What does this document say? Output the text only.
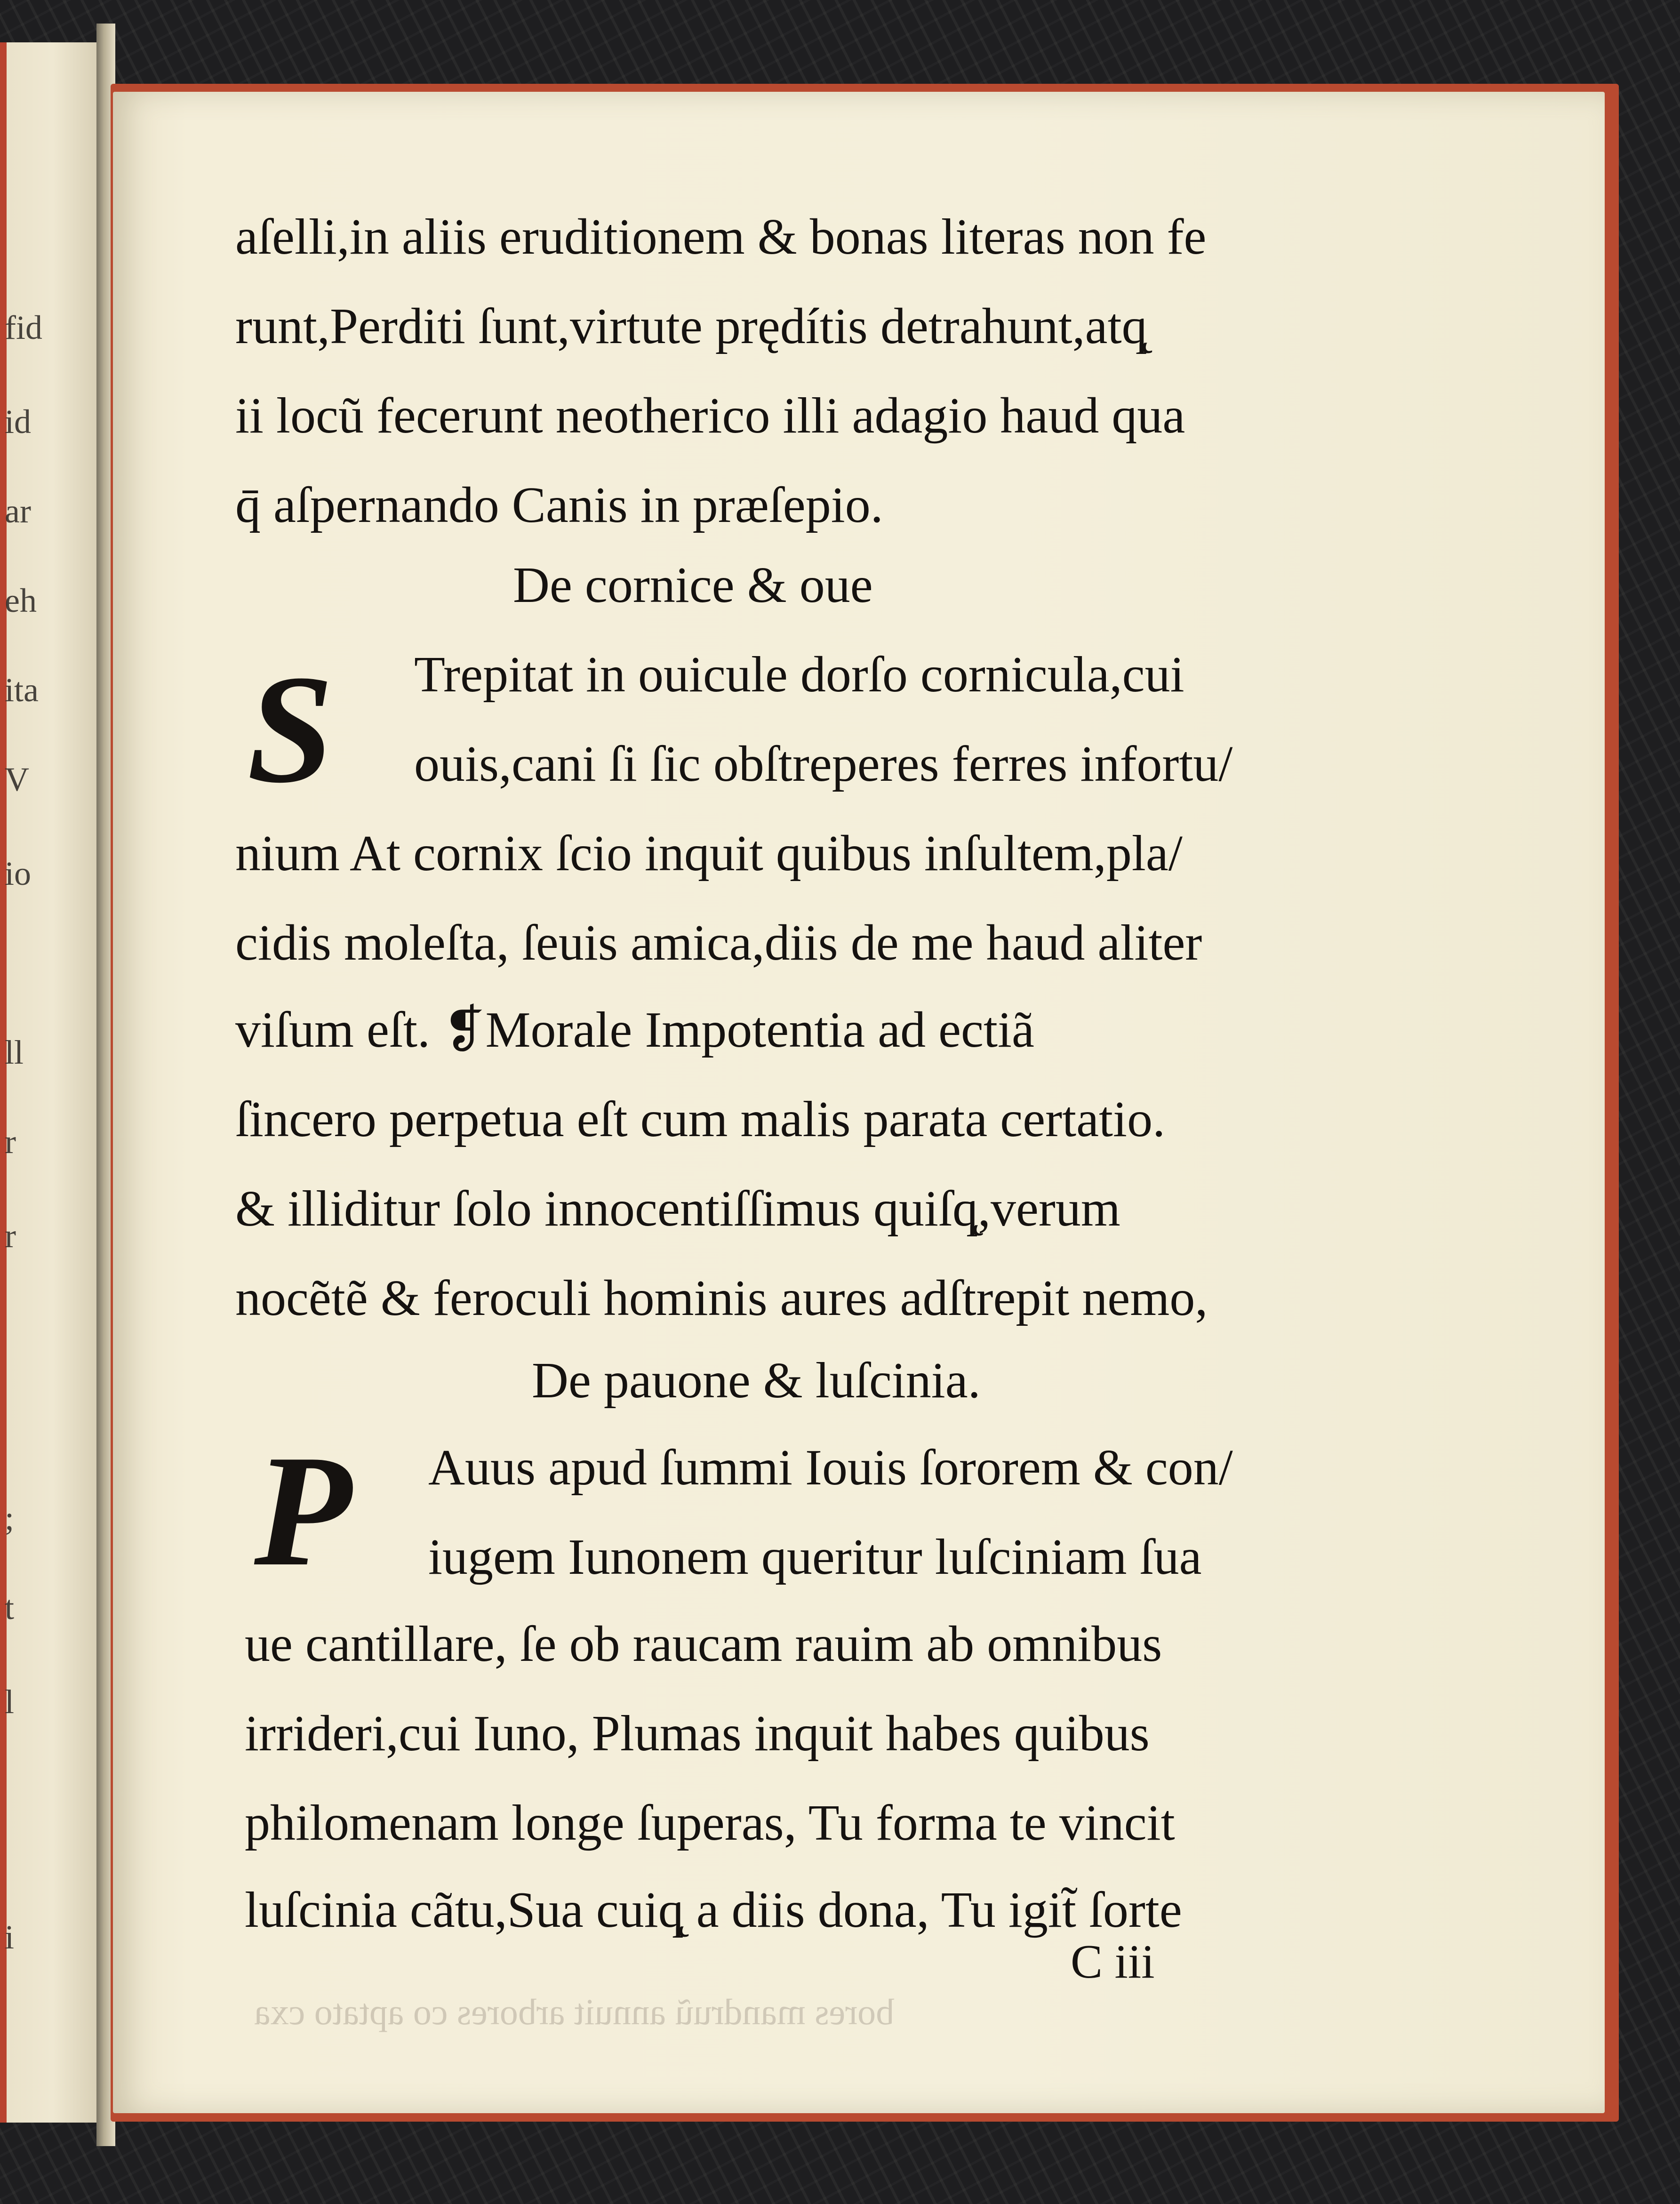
fid
id
ar
eh
ita
V
io
ll
r
r
;
t
l
i
bores mandruũ annuit arbores co aptato cxa
aſelli,in aliis eruditionem & bonas literas non fe
runt,Perditi ſunt,virtute prędítis detrahunt,atq̨
ii locũ fecerunt neotherico illi adagio haud qua
q̄ aſpernando Canis in præſepio.
De cornice & oue
S Trepitat in ouicule dorſo cornicula,cui
ouis,cani ſi ſic obſtreperes ferres infortu/
nium At cornix ſcio inquit quibus inſultem,pla/
cidis moleſta, ſeuis amica,diis de me haud aliter
viſum eſt. ❡Morale Impotentia ad ectiã
ſincero perpetua eſt cum malis parata certatio.
& illiditur ſolo innocentiſſimus quiſq̨,verum
nocẽtẽ & feroculi hominis aures adſtrepit nemo,
De pauone & luſcinia.
P Auus apud ſummi Iouis ſororem & con/
iugem Iunonem queritur luſciniam ſua
ue cantillare, ſe ob raucam rauim ab omnibus
irrideri,cui Iuno, Plumas inquit habes quibus
philomenam longe ſuperas, Tu forma te vincit
luſcinia cãtu,Sua cuiq̨ a diis dona, Tu igit̃ ſorte
C iii
